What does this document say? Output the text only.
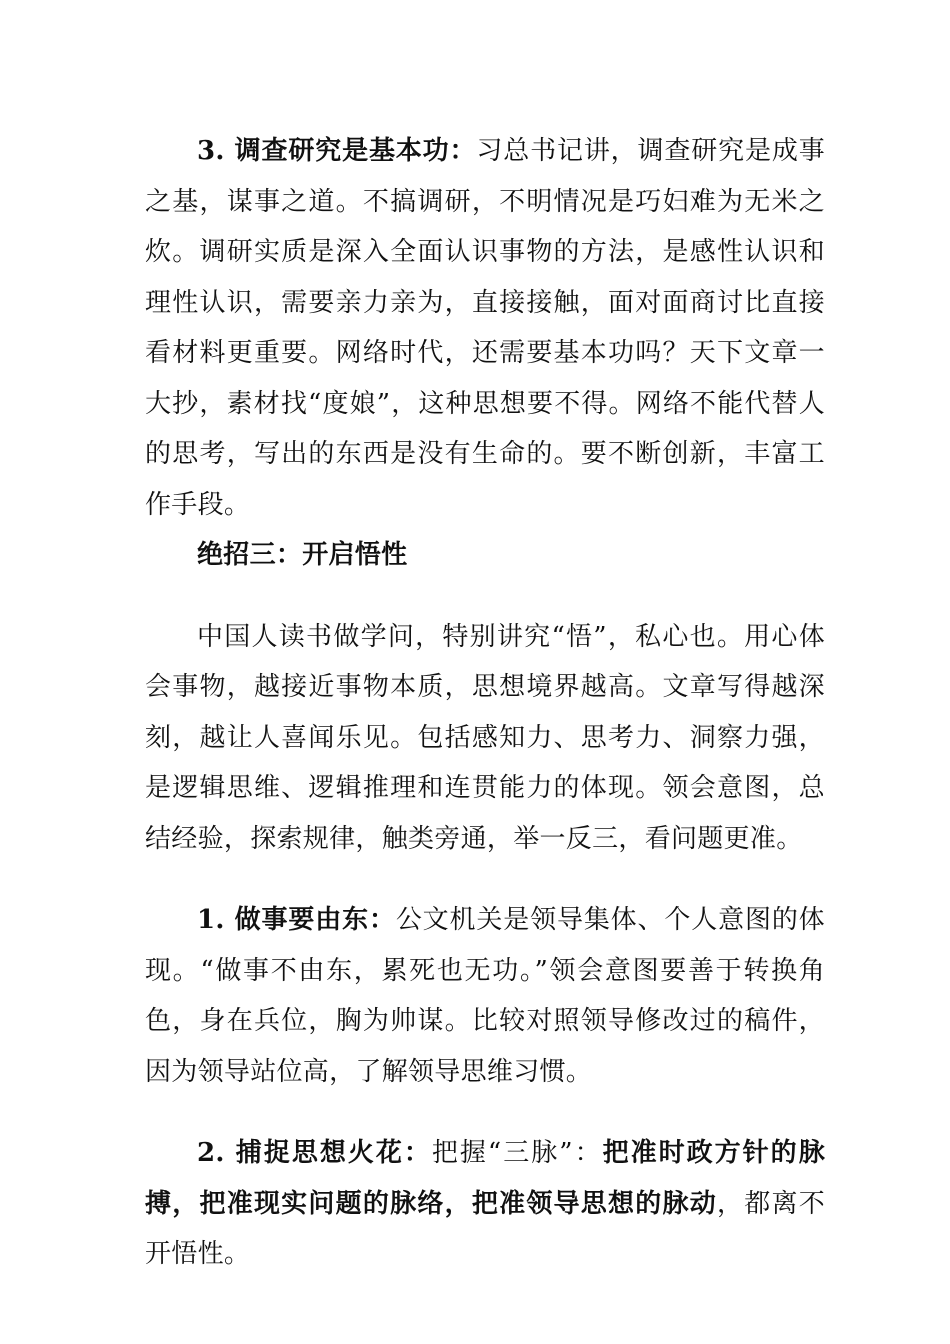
3. 调查研究是基本功：习总书记讲，调查研究是成事之基，谋事之道。不搞调研，不明情况是巧妇难为无米之炊。调研实质是深入全面认识事物的方法，是感性认识和理性认识，需要亲力亲为，直接接触，面对面商讨比直接看材料更重要。网络时代，还需要基本功吗？天下文章一大抄，素材找“度娘”，这种思想要不得。网络不能代替人的思考，写出的东西是没有生命的。要不断创新，丰富工作手段。

绝招三：开启悟性

中国人读书做学问，特别讲究“悟”，私心也。用心体会事物，越接近事物本质，思想境界越高。文章写得越深刻，越让人喜闻乐见。包括感知力、思考力、洞察力强，是逻辑思维、逻辑推理和连贯能力的体现。领会意图，总结经验，探索规律，触类旁通，举一反三，看问题更准。

1. 做事要由东：公文机关是领导集体、个人意图的体现。“做事不由东，累死也无功。”领会意图要善于转换角色，身在兵位，胸为帅谋。比较对照领导修改过的稿件，因为领导站位高，了解领导思维习惯。

2. 捕捉思想火花：把握“三脉”：把准时政方针的脉搏，把准现实问题的脉络，把准领导思想的脉动，都离不开悟性。
